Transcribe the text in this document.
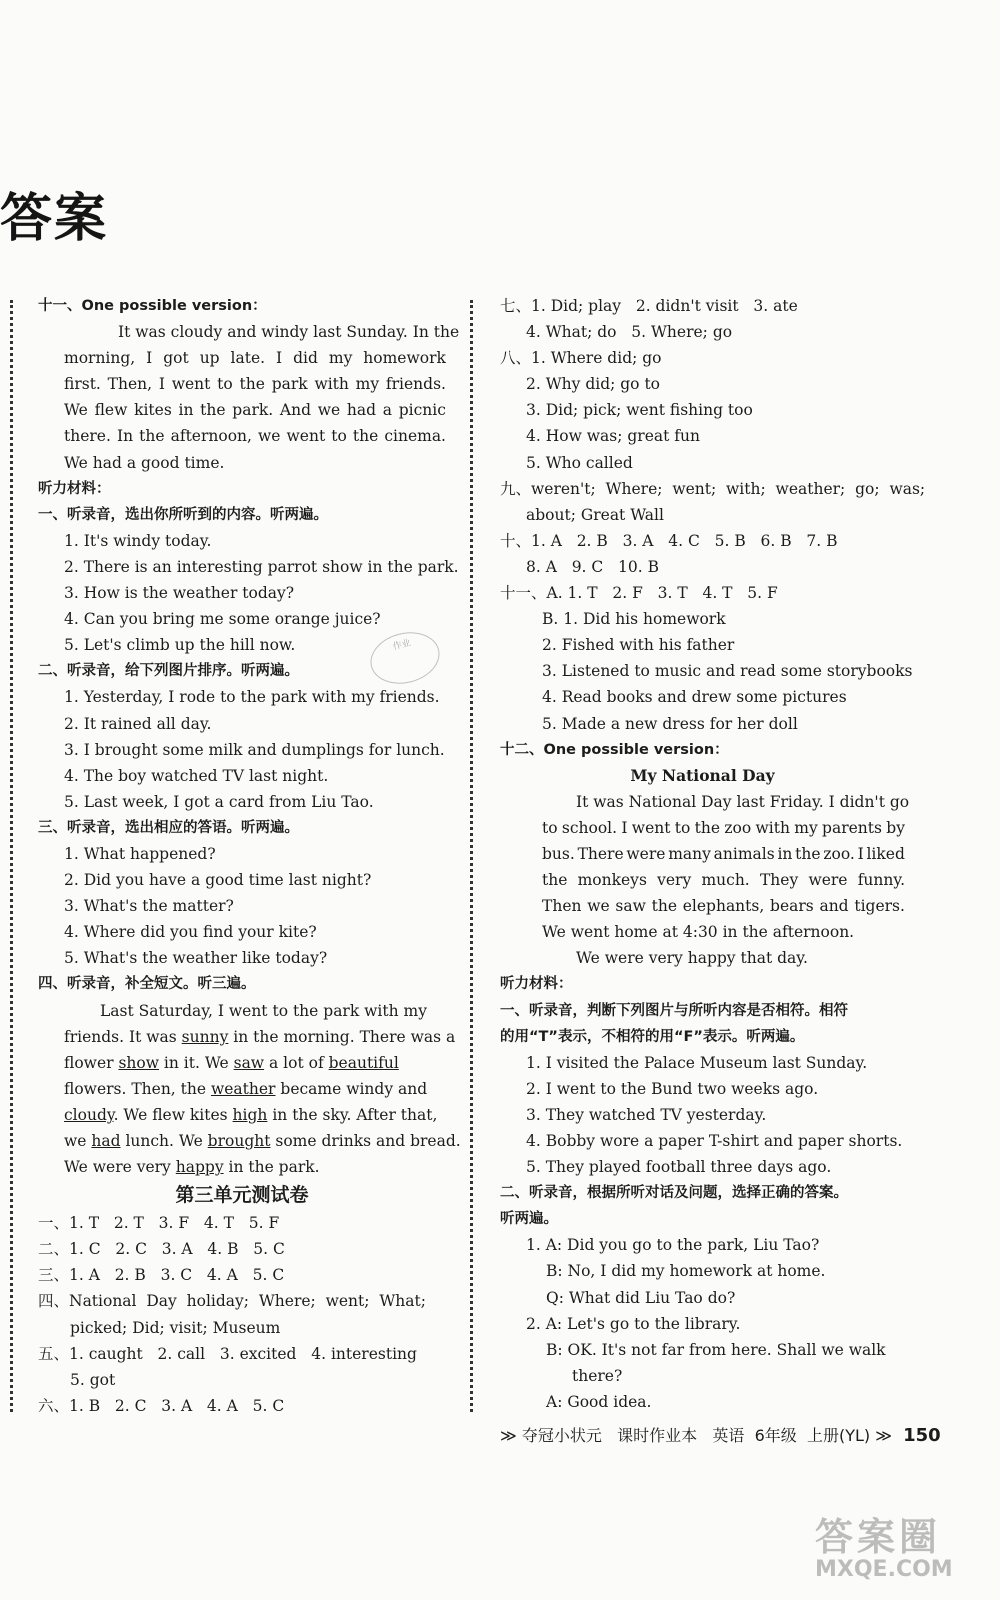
答案
十一、One possible version：
It was cloudy and windy last Sunday. In the
morning, I got up late. I did my homework
first. Then, I went to the park with my friends.
We flew kites in the park. And we had a picnic
there. In the afternoon, we went to the cinema.
We had a good time.
听力材料：
一、听录音，选出你所听到的内容。听两遍。
1. It's windy today.
2. There is an interesting parrot show in the park.
3. How is the weather today?
4. Can you bring me some orange juice?
5. Let's climb up the hill now.
二、听录音，给下列图片排序。听两遍。
1. Yesterday, I rode to the park with my friends.
2. It rained all day.
3. I brought some milk and dumplings for lunch.
4. The boy watched TV last night.
5. Last week, I got a card from Liu Tao.
三、听录音，选出相应的答语。听两遍。
1. What happened?
2. Did you have a good time last night?
3. What's the matter?
4. Where did you find your kite?
5. What's the weather like today?
四、听录音，补全短文。听三遍。
Last Saturday, I went to the park with my
friends. It was sunny in the morning. There was a
flower show in it. We saw a lot of beautiful
flowers. Then, the weather became windy and
cloudy. We flew kites high in the sky. After that,
we had lunch. We brought some drinks and bread.
We were very happy in the park.
第三单元测试卷
一、1. T   2. T   3. F   4. T   5. F
二、1. C   2. C   3. A   4. B   5. C
三、1. A   2. B   3. C   4. A   5. C
四、National  Day  holiday;  Where;  went;  What;
picked; Did; visit; Museum
五、1. caught   2. call   3. excited   4. interesting
5. got
六、1. B   2. C   3. A   4. A   5. C
七、1. Did; play   2. didn't visit   3. ate
4. What; do   5. Where; go
八、1. Where did; go
2. Why did; go to
3. Did; pick; went fishing too
4. How was; great fun
5. Who called
九、weren't;  Where;  went;  with;  weather;  go;  was;
about; Great Wall
十、1. A   2. B   3. A   4. C   5. B   6. B   7. B
8. A   9. C   10. B
十一、A. 1. T   2. F   3. T   4. T   5. F
B. 1. Did his homework
2. Fished with his father
3. Listened to music and read some storybooks
4. Read books and drew some pictures
5. Made a new dress for her doll
十二、One possible version：
My National Day
It was National Day last Friday. I didn't go
to school. I went to the zoo with my parents by
bus. There were many animals in the zoo. I liked
the monkeys very much. They were funny.
Then we saw the elephants, bears and tigers.
We went home at 4:30 in the afternoon.
We were very happy that day.
听力材料：
一、听录音，判断下列图片与所听内容是否相符。相符
的用“T”表示，不相符的用“F”表示。听两遍。
1. I visited the Palace Museum last Sunday.
2. I went to the Bund two weeks ago.
3. They watched TV yesterday.
4. Bobby wore a paper T-shirt and paper shorts.
5. They played football three days ago.
二、听录音，根据所听对话及问题，选择正确的答案。
听两遍。
1. A: Did you go to the park, Liu Tao?
B: No, I did my homework at home.
Q: What did Liu Tao do?
2. A: Let's go to the library.
B: OK. It's not far from here. Shall we walk
there?
A: Good idea.
作业
≫ 夺冠小状元 课时作业本 英语 6年级 上册(YL) ≫ 150
答案圈
MXQE.COM
